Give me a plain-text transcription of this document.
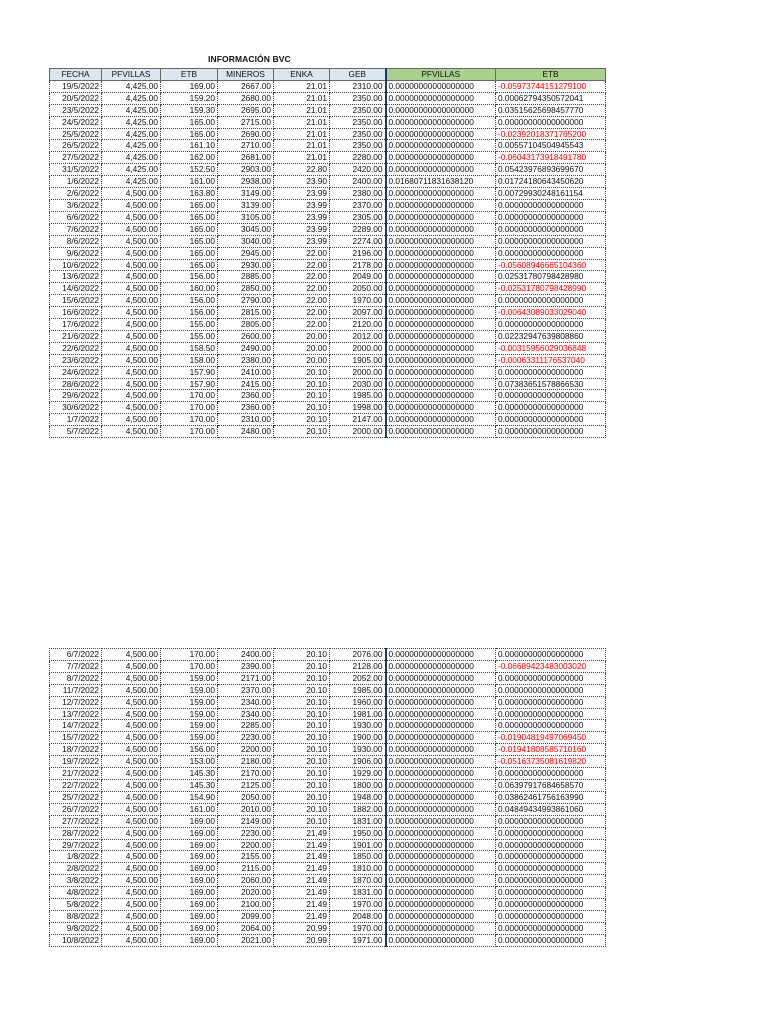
INFORMACIÓN BVC
FECHA	PFVILLAS	ETB	MINEROS	ENKA	GEB	PFVILLAS	ETB
19/5/2022	4,425.00	169.00	2667.00	21.01	2310.00	0.00000000000000000	-0.05973744151279100
20/5/2022	4,425.00	159.20	2680.00	21.01	2350.00	0.00000000000000000	0.00062794350572041
23/5/2022	4,425.00	159.30	2695.00	21.01	2350.00	0.00000000000000000	0.03515625698457770
24/5/2022	4,425.00	165.00	2715.00	21.01	2350.00	0.00000000000000000	0.00000000000000000
25/5/2022	4,425.00	165.00	2690.00	21.01	2350.00	0.00000000000000000	-0.02392018371765200
26/5/2022	4,425.00	161.10	2710.00	21.01	2350.00	0.00000000000000000	0.00557104504945543
27/5/2022	4,425.00	162.00	2681.00	21.01	2280.00	0.00000000000000000	-0.06043173918491780
31/5/2022	4,425.00	152.50	2903.00	22.80	2420.00	0.00000000000000000	0.05423976893699670
1/6/2022	4,425.00	161.00	2938.00	23.90	2400.00	0.01680711831638120	0.01724180643450620
2/6/2022	4,500.00	163.80	3149.00	23.99	2380.00	0.00000000000000000	0.00729930248161154
3/6/2022	4,500.00	165.00	3139.00	23.99	2370.00	0.00000000000000000	0.00000000000000000
6/6/2022	4,500.00	165.00	3105.00	23.99	2305.00	0.00000000000000000	0.00000000000000000
7/6/2022	4,500.00	165.00	3045.00	23.99	2289.00	0.00000000000000000	0.00000000000000000
8/6/2022	4,500.00	165.00	3040.00	23.99	2274.00	0.00000000000000000	0.00000000000000000
9/6/2022	4,500.00	165.00	2945.00	22.00	2196.00	0.00000000000000000	0.00000000000000000
10/6/2022	4,500.00	165.00	2930.00	22.00	2178.00	0.00000000000000000	-0.05608946665104360
13/6/2022	4,500.00	156.00	2885.00	22.00	2049.00	0.00000000000000000	0.02531780798428980
14/6/2022	4,500.00	160.00	2850.00	22.00	2050.00	0.00000000000000000	-0.02531780798428990
15/6/2022	4,500.00	156.00	2790.00	22.00	1970.00	0.00000000000000000	0.00000000000000000
16/6/2022	4,500.00	156.00	2815.00	22.00	2097.00	0.00000000000000000	-0.00643089033029040
17/6/2022	4,500.00	155.00	2805.00	22.00	2120.00	0.00000000000000000	0.00000000000000000
21/6/2022	4,500.00	155.00	2600.00	20.00	2012.00	0.00000000000000000	0.02232947639808860
22/6/2022	4,500.00	158.50	2490.00	20.00	2000.00	0.00000000000000000	-0.00315956029036848
23/6/2022	4,500.00	158.00	2380.00	20.00	1905.00	0.00000000000000000	-0.00063311176537040
24/6/2022	4,500.00	157.90	2410.00	20.10	2000.00	0.00000000000000000	0.00000000000000000
28/6/2022	4,500.00	157.90	2415.00	20.10	2030.00	0.00000000000000000	0.07383651578866530
29/6/2022	4,500.00	170.00	2360.00	20.10	1985.00	0.00000000000000000	0.00000000000000000
30/6/2022	4,500.00	170.00	2360.00	20.10	1998.00	0.00000000000000000	0.00000000000000000
1/7/2022	4,500.00	170.00	2310.00	20.10	2147.00	0.00000000000000000	0.00000000000000000
5/7/2022	4,500.00	170.00	2480.00	20.10	2000.00	0.00000000000000000	0.00000000000000000
6/7/2022	4,500.00	170.00	2400.00	20.10	2076.00	0.00000000000000000	0.00000000000000000
7/7/2022	4,500.00	170.00	2390.00	20.10	2128.00	0.00000000000000000	-0.06689423483003020
8/7/2022	4,500.00	159.00	2171.00	20.10	2052.00	0.00000000000000000	0.00000000000000000
11/7/2022	4,500.00	159.00	2370.00	20.10	1985.00	0.00000000000000000	0.00000000000000000
12/7/2022	4,500.00	159.00	2340.00	20.10	1960.00	0.00000000000000000	0.00000000000000000
13/7/2022	4,500.00	159.00	2340.00	20.10	1981.00	0.00000000000000000	0.00000000000000000
14/7/2022	4,500.00	159.00	2285.00	20.10	1930.00	0.00000000000000000	0.00000000000000000
15/7/2022	4,500.00	159.00	2230.00	20.10	1900.00	0.00000000000000000	-0.01904819497069450
18/7/2022	4,500.00	156.00	2200.00	20.10	1930.00	0.00000000000000000	-0.01941808585710160
19/7/2022	4,500.00	153.00	2180.00	20.10	1906.00	0.00000000000000000	-0.05163735081619820
21/7/2022	4,500.00	145.30	2170.00	20.10	1929.00	0.00000000000000000	0.00000000000000000
22/7/2022	4,500.00	145.30	2125.00	20.10	1800.00	0.00000000000000000	0.06397917684658570
25/7/2022	4,500.00	154.90	2050.00	20.10	1948.00	0.00000000000000000	0.03862461756163990
26/7/2022	4,500.00	161.00	2010.00	20.10	1882.00	0.00000000000000000	0.04849434993861060
27/7/2022	4,500.00	169.00	2149.00	20.10	1831.00	0.00000000000000000	0.00000000000000000
28/7/2022	4,500.00	169.00	2230.00	21.49	1950.00	0.00000000000000000	0.00000000000000000
29/7/2022	4,500.00	169.00	2200.00	21.49	1901.00	0.00000000000000000	0.00000000000000000
1/8/2022	4,500.00	169.00	2155.00	21.49	1850.00	0.00000000000000000	0.00000000000000000
2/8/2022	4,500.00	169.00	2115.00	21.49	1810.00	0.00000000000000000	0.00000000000000000
3/8/2022	4,500.00	169.00	2060.00	21.49	1870.00	0.00000000000000000	0.00000000000000000
4/8/2022	4,500.00	169.00	2020.00	21.49	1831.00	0.00000000000000000	0.00000000000000000
5/8/2022	4,500.00	169.00	2100.00	21.49	1970.00	0.00000000000000000	0.00000000000000000
8/8/2022	4,500.00	169.00	2099.00	21.49	2048.00	0.00000000000000000	0.00000000000000000
9/8/2022	4,500.00	169.00	2064.00	20.99	1970.00	0.00000000000000000	0.00000000000000000
10/8/2022	4,500.00	169.00	2021.00	20.99	1971.00	0.00000000000000000	0.00000000000000000
